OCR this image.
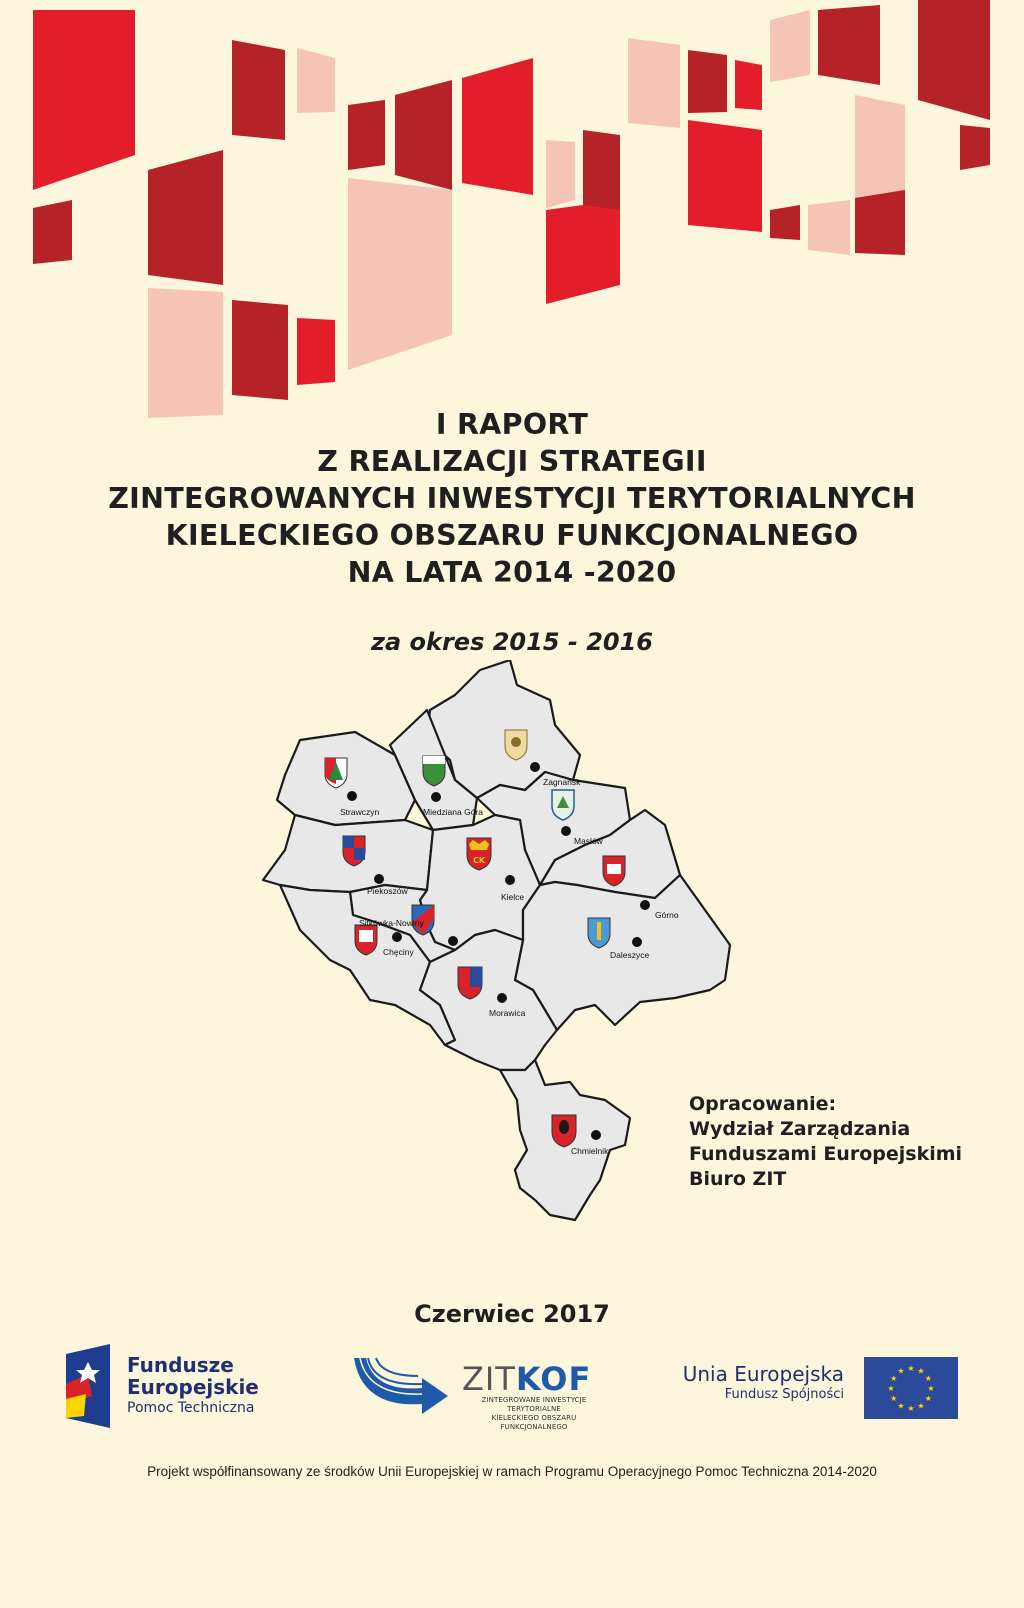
I RAPORT
Z REALIZACJI STRATEGII
ZINTEGROWANYCH INWESTYCJI TERYTORIALNYCH
KIELECKIEGO OBSZARU FUNKCJONALNEGO
NA LATA 2014 -2020
za okres 2015 - 2016
CK
Zagnańsk
Strawczyn	Miedziana Góra
Masłów
Piekoszów
Kielce
Górno
Sitkówka-Nowiny
Chęciny	Daleszyce
Morawica
Chmielnik
Opracowanie:
Wydział Zarządzania
Funduszami Europejskimi
Biuro ZIT
Czerwiec 2017
Fundusze
Europejskie
Pomoc Techniczna
ZITKOF
ZINTEGROWANE INWESTYCJE TERYTORIALNE
KIELECKIEGO OBSZARU FUNKCJONALNEGO
Unia Europejska
Fundusz Spójności
★ ★
★
★
★
★
★
★
★
★
★
★
Projekt współfinansowany ze środków Unii Europejskiej w ramach Programu Operacyjnego Pomoc Techniczna 2014-2020
